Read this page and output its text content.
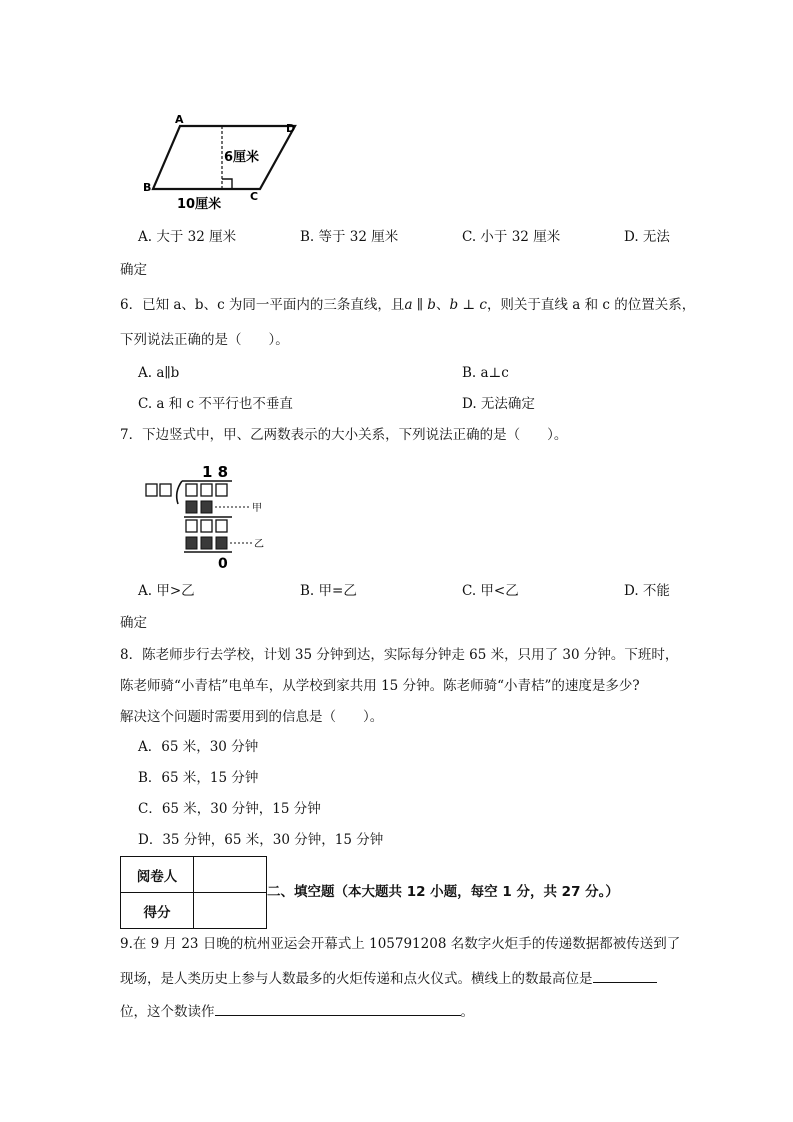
A
D
B
C
6厘米
10厘米
A. 大于 32 厘米	B. 等于 32 厘米	C. 小于 32 厘米	D. 无法
确定
6．已知 a、b、c 为同一平面内的三条直线，且a ∥ b、b ⊥ c，则关于直线 a 和 c 的位置关系，
下列说法正确的是（　　）。
A. a∥b	B. a⊥c
C. a 和 c 不平行也不垂直	D. 无法确定
7．下边竖式中，甲、乙两数表示的大小关系，下列说法正确的是（　　）。
1 8
甲
乙
0
A. 甲>乙	B. 甲=乙	C. 甲<乙	D. 不能
确定
8．陈老师步行去学校，计划 35 分钟到达，实际每分钟走 65 米，只用了 30 分钟。下班时，
陈老师骑“小青桔”电单车，从学校到家共用 15 分钟。陈老师骑“小青桔”的速度是多少?
解决这个问题时需要用到的信息是（　　）。
A．65 米，30 分钟
B．65 米，15 分钟
C．65 米，30 分钟，15 分钟
D．35 分钟，65 米，30 分钟，15 分钟
阅卷人	
得分	
二、填空题（本大题共 12 小题，每空 1 分，共 27 分。）
9.在 9 月 23 日晚的杭州亚运会开幕式上 105791208 名数字火炬手的传递数据都被传送到了
现场，是人类历史上参与人数最多的火炬传递和点火仪式。横线上的数最高位是
位，这个数读作	。
